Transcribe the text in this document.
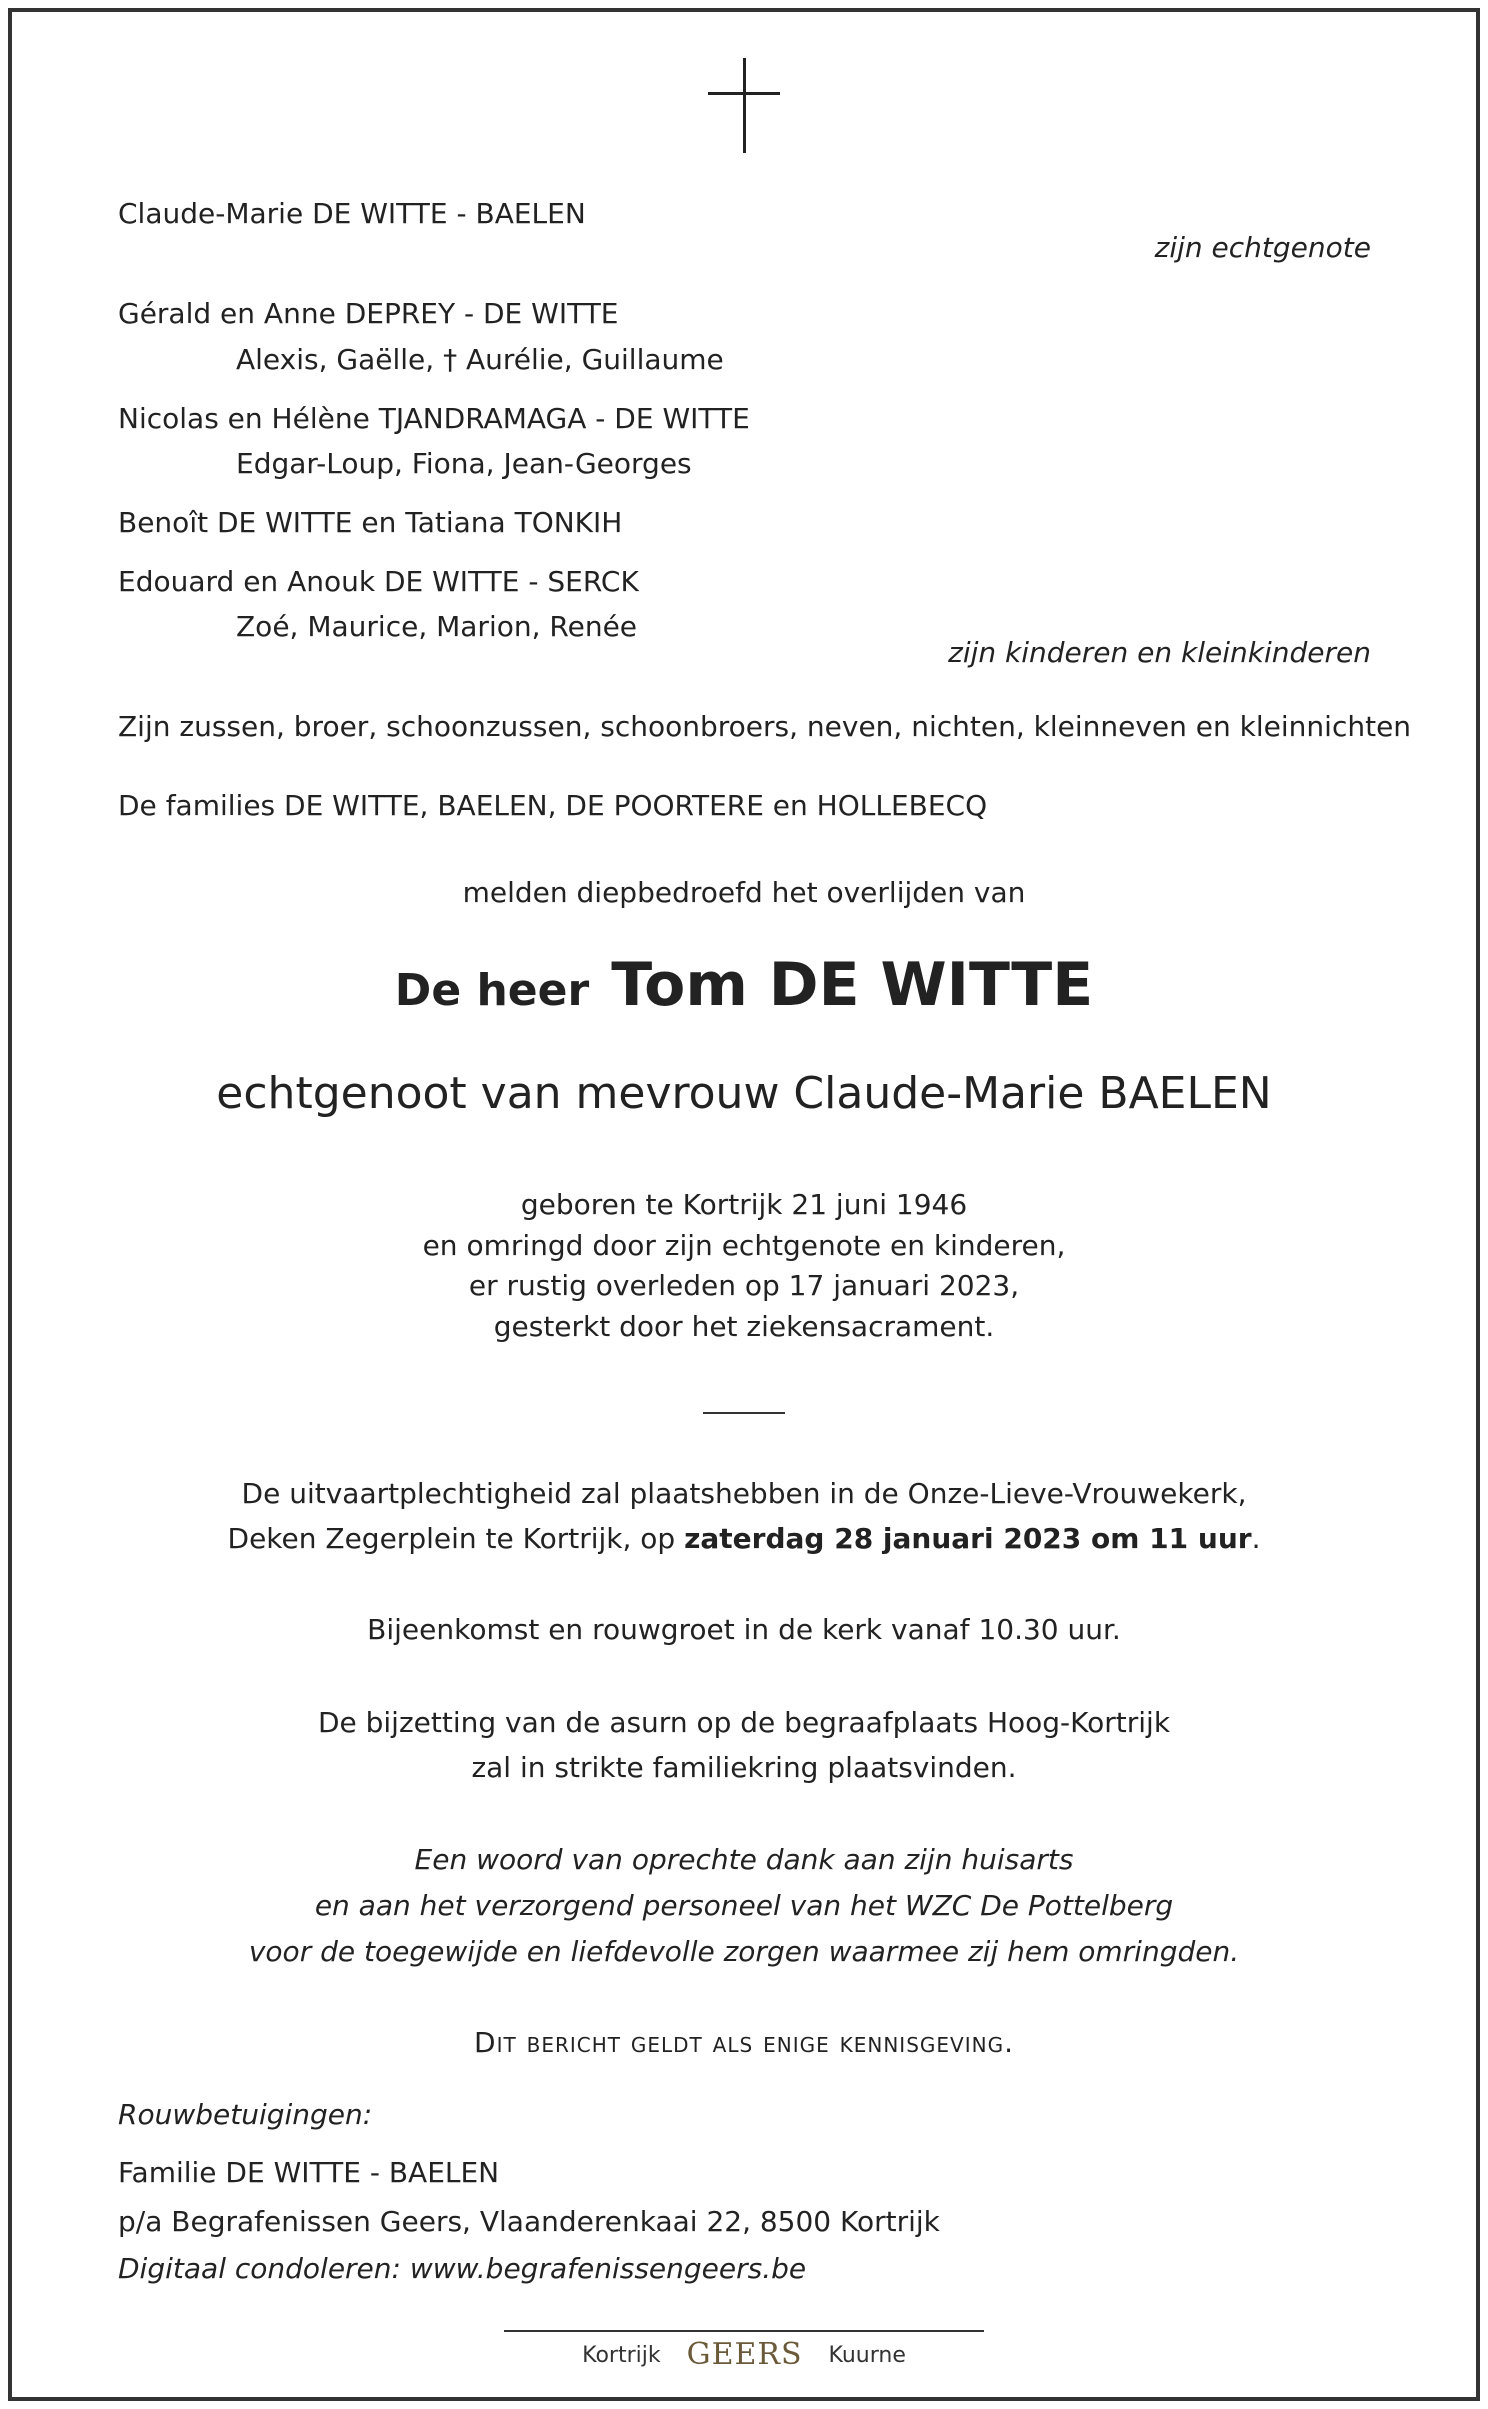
Claude-Marie DE WITTE - BAELEN
zijn echtgenote
Gérald en Anne DEPREY - DE WITTE
Alexis, Gaëlle, † Aurélie, Guillaume
Nicolas en Hélène TJANDRAMAGA - DE WITTE
Edgar-Loup, Fiona, Jean-Georges
Benoît DE WITTE en Tatiana TONKIH
Edouard en Anouk DE WITTE - SERCK
Zoé, Maurice, Marion, Renée
zijn kinderen en kleinkinderen
Zijn zussen, broer, schoonzussen, schoonbroers, neven, nichten, kleinneven en kleinnichten
De families DE WITTE, BAELEN, DE POORTERE en HOLLEBECQ
melden diepbedroefd het overlijden van
De heer Tom DE WITTE
echtgenoot van mevrouw Claude-Marie BAELEN
geboren te Kortrijk 21 juni 1946
en omringd door zijn echtgenote en kinderen,
er rustig overleden op 17 januari 2023,
gesterkt door het ziekensacrament.
De uitvaartplechtigheid zal plaatshebben in de Onze-Lieve-Vrouwekerk,
Deken Zegerplein te Kortrijk, op zaterdag 28 januari 2023 om 11 uur.
Bijeenkomst en rouwgroet in de kerk vanaf 10.30 uur.
De bijzetting van de asurn op de begraafplaats Hoog-Kortrijk
zal in strikte familiekring plaatsvinden.
Een woord van oprechte dank aan zijn huisarts
en aan het verzorgend personeel van het WZC De Pottelberg
voor de toegewijde en liefdevolle zorgen waarmee zij hem omringden.
Dit bericht geldt als enige kennisgeving.
Rouwbetuigingen:
Familie DE WITTE - BAELEN
p/a Begrafenissen Geers, Vlaanderenkaai 22, 8500 Kortrijk
Digitaal condoleren: www.begrafenissengeers.be
Kortrijk GEERS Kuurne
